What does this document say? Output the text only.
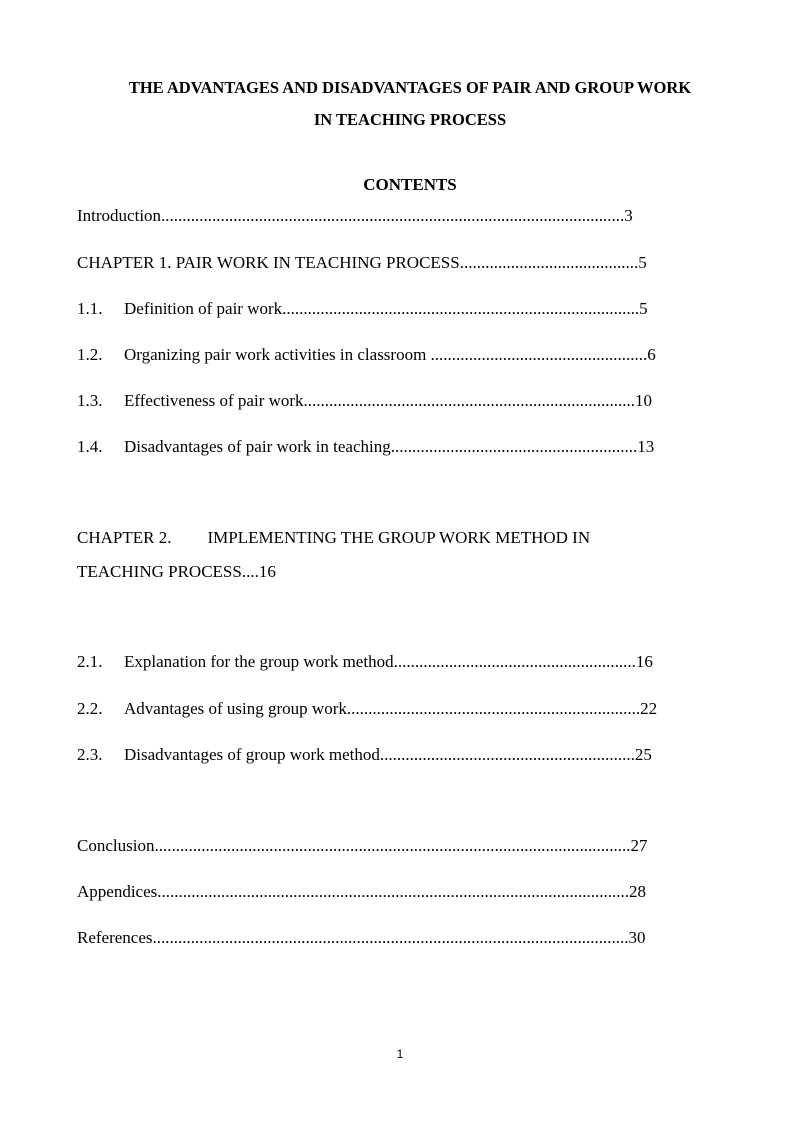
THE ADVANTAGES AND DISADVANTAGES OF PAIR AND GROUP WORK
IN TEACHING PROCESS
CONTENTS

Introduction.............................................................................................................3

CHAPTER 1. PAIR WORK IN TEACHING PROCESS..........................................5

1.1. Definition of pair work....................................................................................5

1.2. Organizing pair work activities in classroom ...................................................6

1.3. Effectiveness of pair work..............................................................................10

1.4. Disadvantages of pair work in teaching..........................................................13

CHAPTER 2. IMPLEMENTING THE GROUP WORK METHOD IN

TEACHING PROCESS....16

2.1. Explanation for the group work method.........................................................16

2.2. Advantages of using group work.....................................................................22

2.3. Disadvantages of group work method............................................................25

Conclusion................................................................................................................27

Appendices...............................................................................................................28

References................................................................................................................30

1
